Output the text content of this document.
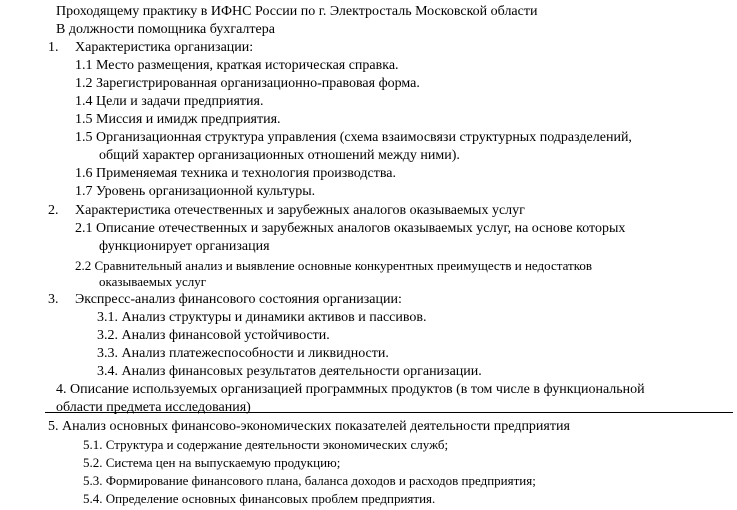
Проходящему практику в ИФНС России по г. Электросталь Московской области
В должности помощника бухгалтера
1. Характеристика организации:
1.1 Место размещения, краткая историческая справка.
1.2 Зарегистрированная организационно-правовая форма.
1.4 Цели и задачи предприятия.
1.5 Миссия и имидж предприятия.
1.5 Организационная структура управления (схема взаимосвязи структурных подразделений,
общий характер организационных отношений между ними).
1.6 Применяемая техника и технология производства.
1.7 Уровень организационной культуры.
2. Характеристика отечественных и зарубежных аналогов оказываемых услуг
2.1 Описание отечественных и зарубежных аналогов оказываемых услуг, на основе которых
функционирует организация
2.2 Сравнительный анализ и выявление основные конкурентных преимуществ и недостатков
оказываемых услуг
3. Экспресс-анализ финансового состояния организации:
3.1. Анализ структуры и динамики активов и пассивов.
3.2. Анализ финансовой устойчивости.
3.3. Анализ платежеспособности и ликвидности.
3.4. Анализ финансовых результатов деятельности организации.
4. Описание используемых организацией программных продуктов (в том числе в функциональной
области предмета исследования)
5. Анализ основных финансово-экономических показателей деятельности предприятия
5.1. Структура и содержание деятельности экономических служб;
5.2. Система цен на выпускаемую продукцию;
5.3. Формирование финансового плана, баланса доходов и расходов предприятия;
5.4. Определение основных финансовых проблем предприятия.
